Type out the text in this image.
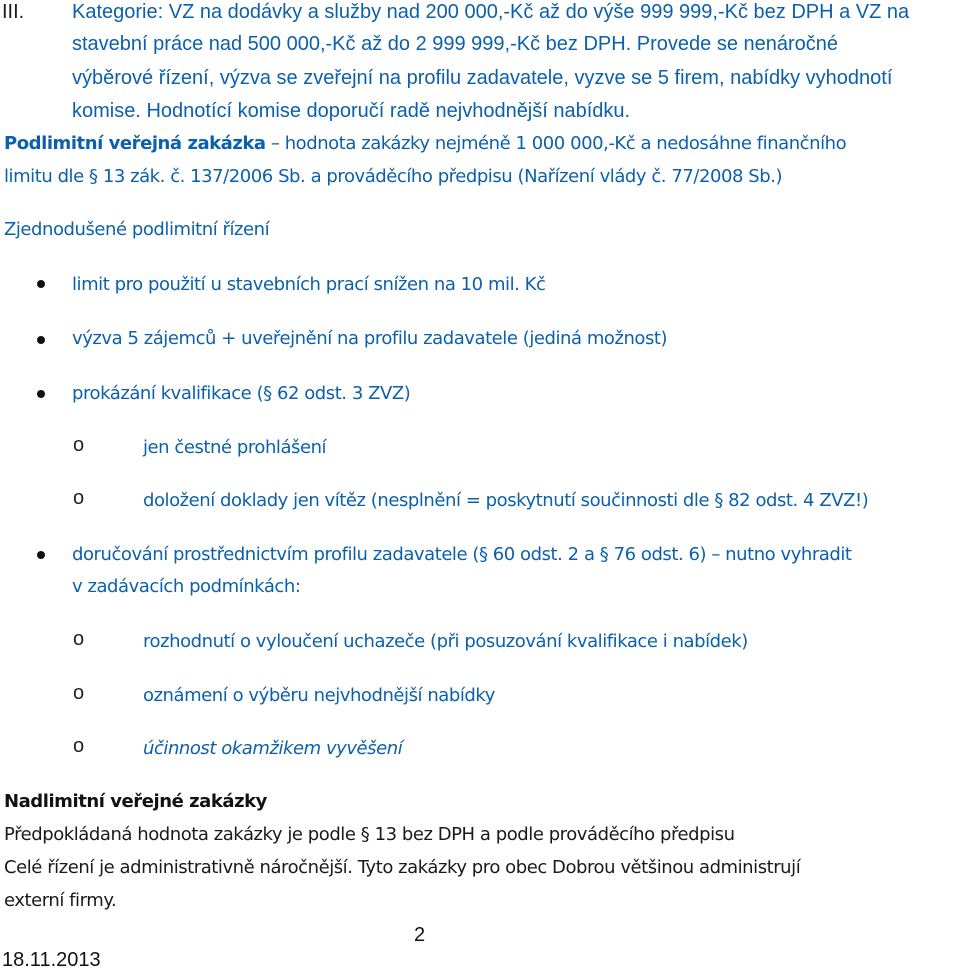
III. Kategorie: VZ na dodávky a služby nad 200 000,-Kč až do výše 999 999,-Kč bez DPH a VZ na
stavební práce nad 500 000,-Kč až do 2 999 999,-Kč bez DPH. Provede se nenáročné
výběrové řízení, výzva se zveřejní na profilu zadavatele, vyzve se 5 firem, nabídky vyhodnotí
komise. Hodnotící komise doporučí radě nejvhodnější nabídku.
Podlimitní veřejná zakázka – hodnota zakázky nejméně 1 000 000,-Kč a nedosáhne finančního
limitu dle § 13 zák. č. 137/2006 Sb. a prováděcího předpisu (Nařízení vlády č. 77/2008 Sb.)
Zjednodušené podlimitní řízení
limit pro použití u stavebních prací snížen na 10 mil. Kč
výzva 5 zájemců + uveřejnění na profilu zadavatele (jediná možnost)
prokázání kvalifikace (§ 62 odst. 3 ZVZ)
o	jen čestné prohlášení
o	doložení doklady jen vítěz (nesplnění = poskytnutí součinnosti dle § 82 odst. 4 ZVZ!)
doručování prostřednictvím profilu zadavatele (§ 60 odst. 2 a § 76 odst. 6) – nutno vyhradit
v zadávacích podmínkách:
o	rozhodnutí o vyloučení uchazeče (při posuzování kvalifikace i nabídek)
o	oznámení o výběru nejvhodnější nabídky
o	účinnost okamžikem vyvěšení
Nadlimitní veřejné zakázky
Předpokládaná hodnota zakázky je podle § 13 bez DPH a podle prováděcího předpisu
Celé řízení je administrativně náročnější. Tyto zakázky pro obec Dobrou většinou administrují
externí firmy.
2
18.11.2013
